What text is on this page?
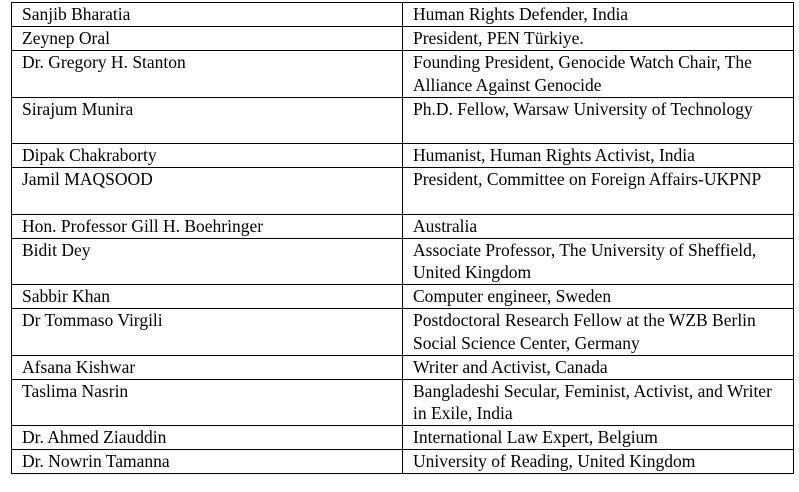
Sanjib Bharatia	Human Rights Defender, India
Zeynep Oral	President, PEN Türkiye.
Dr. Gregory H. Stanton	Founding President, Genocide Watch Chair, The Alliance Against Genocide
Sirajum Munira	Ph.D. Fellow, Warsaw University of Technology
Dipak Chakraborty	Humanist, Human Rights Activist, India
Jamil MAQSOOD	President, Committee on Foreign Affairs-UKPNP
Hon. Professor Gill H. Boehringer	Australia
Bidit Dey	Associate Professor, The University of Sheffield, United Kingdom
Sabbir Khan	Computer engineer, Sweden
Dr Tommaso Virgili	Postdoctoral Research Fellow at the WZB Berlin Social Science Center, Germany
Afsana Kishwar	Writer and Activist, Canada
Taslima Nasrin	Bangladeshi Secular, Feminist, Activist, and Writer in Exile, India
Dr. Ahmed Ziauddin	International Law Expert, Belgium
Dr. Nowrin Tamanna	University of Reading, United Kingdom
